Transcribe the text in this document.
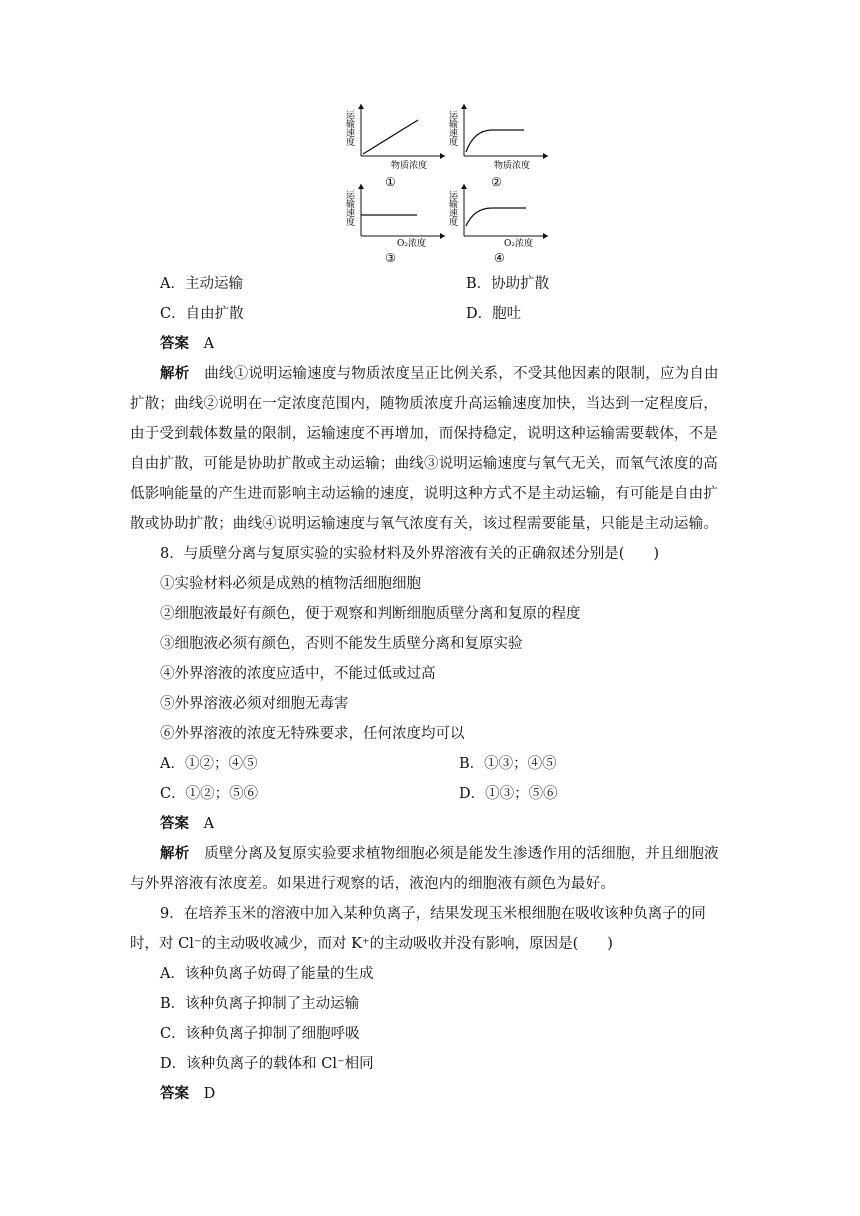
运输速度
物质浓度
①
运输速度
物质浓度
②
运输速度
O₂浓度
③
运输速度
O₂浓度
④
A．主动运输	B．协助扩散
C．自由扩散	D．胞吐
答案 A
解析 曲线①说明运输速度与物质浓度呈正比例关系，不受其他因素的限制，应为自由
扩散；曲线②说明在一定浓度范围内，随物质浓度升高运输速度加快，当达到一定程度后，
由于受到载体数量的限制，运输速度不再增加，而保持稳定，说明这种运输需要载体，不是
自由扩散，可能是协助扩散或主动运输；曲线③说明运输速度与氧气无关，而氧气浓度的高
低影响能量的产生进而影响主动运输的速度，说明这种方式不是主动运输，有可能是自由扩
散或协助扩散；曲线④说明运输速度与氧气浓度有关，该过程需要能量，只能是主动运输。
8．与质壁分离与复原实验的实验材料及外界溶液有关的正确叙述分别是(　　)
①实验材料必须是成熟的植物活细胞细胞
②细胞液最好有颜色，便于观察和判断细胞质壁分离和复原的程度
③细胞液必须有颜色，否则不能发生质壁分离和复原实验
④外界溶液的浓度应适中，不能过低或过高
⑤外界溶液必须对细胞无毒害
⑥外界溶液的浓度无特殊要求，任何浓度均可以
A．①②；④⑤	B．①③；④⑤
C．①②；⑤⑥	D．①③；⑤⑥
答案 A
解析 质壁分离及复原实验要求植物细胞必须是能发生渗透作用的活细胞，并且细胞液
与外界溶液有浓度差。如果进行观察的话，液泡内的细胞液有颜色为最好。
9．在培养玉米的溶液中加入某种负离子，结果发现玉米根细胞在吸收该种负离子的同
时，对 Cl⁻的主动吸收减少，而对 K⁺的主动吸收并没有影响，原因是(　　)
A．该种负离子妨碍了能量的生成
B．该种负离子抑制了主动运输
C．该种负离子抑制了细胞呼吸
D．该种负离子的载体和 Cl⁻相同
答案 D
